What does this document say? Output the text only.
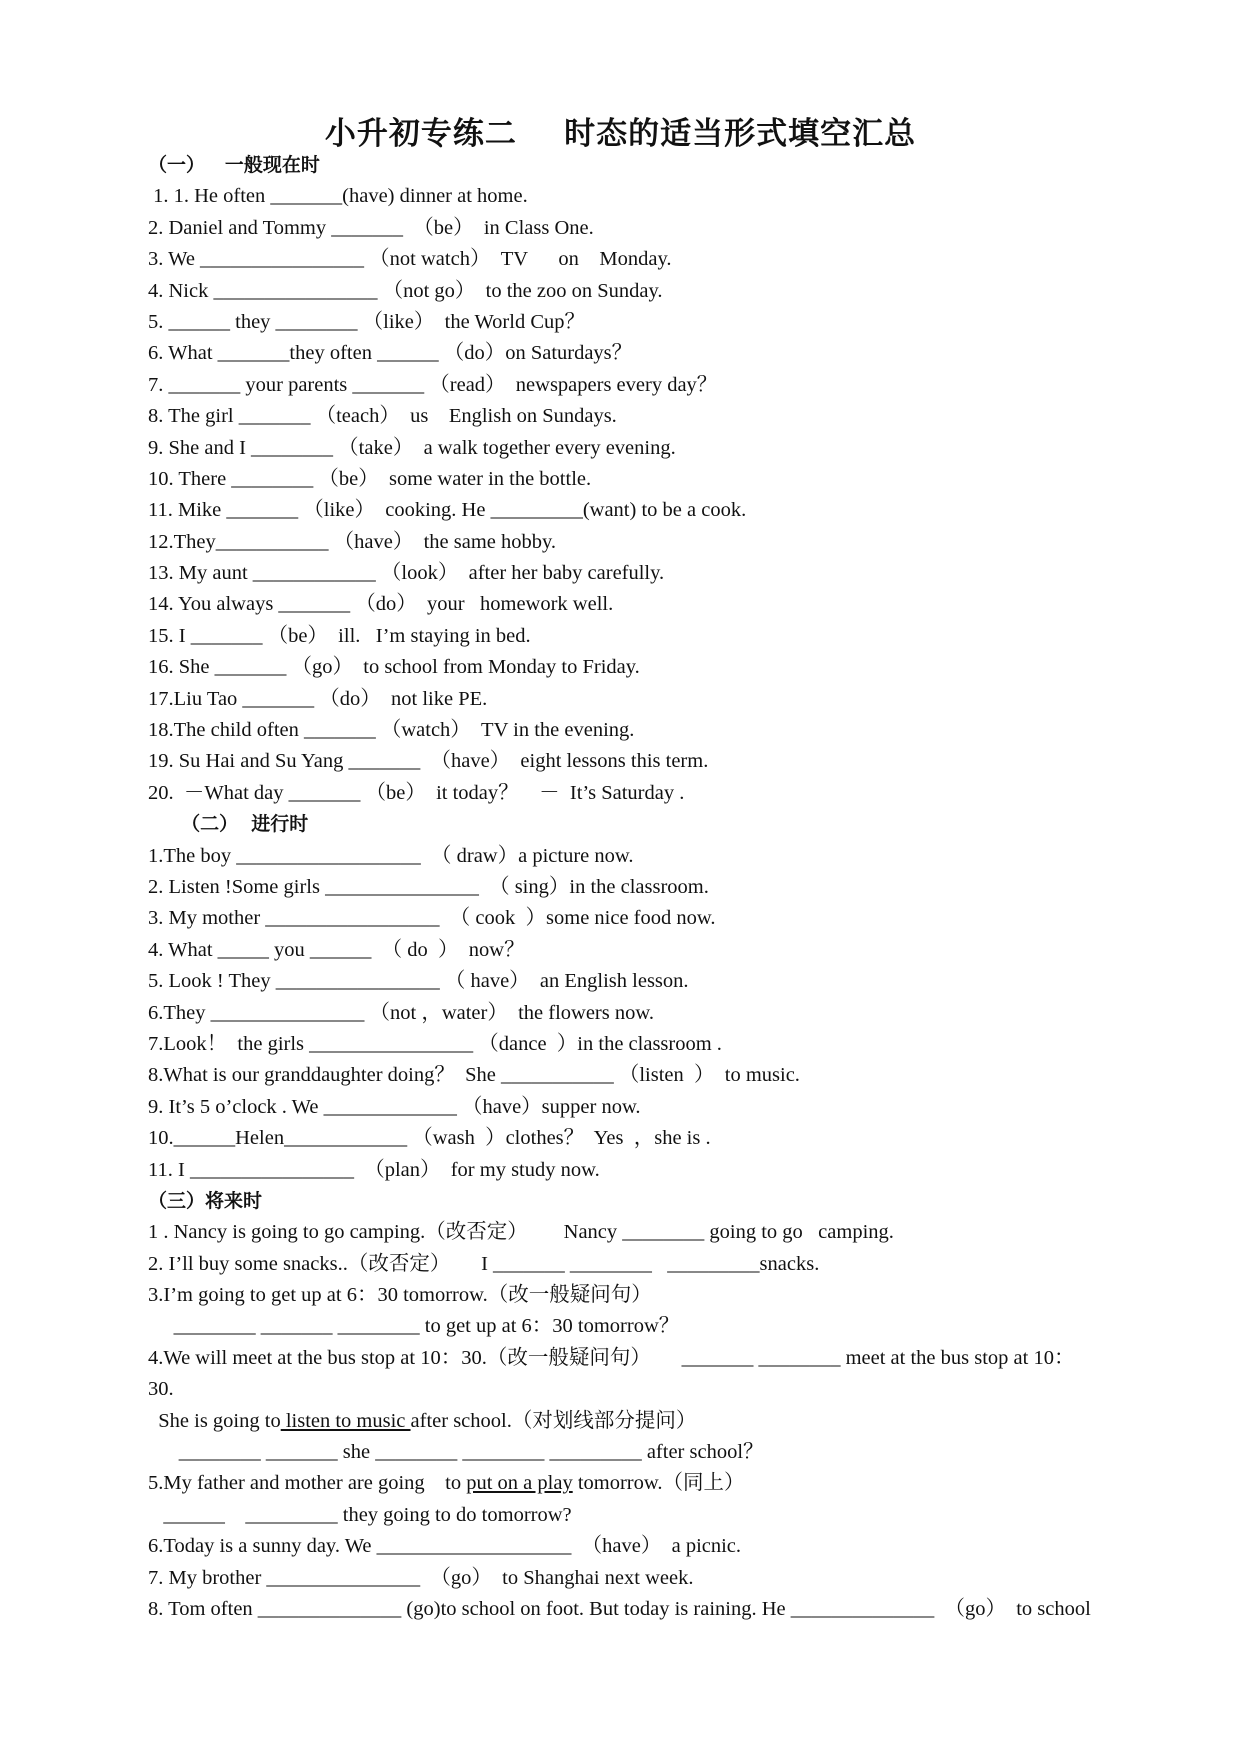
小升初专练二    时态的适当形式填空汇总
（一）   一般现在时
1. 1. He often _______(have) dinner at home.
2. Daniel and Tommy _______  （be）  in Class One.
3. We ________________ （not watch）  TV      on    Monday.
4. Nick ________________ （not go）  to the zoo on Sunday.
5. ______ they ________ （like）  the World Cup？
6. What _______they often ______ （do）on Saturdays？
7. _______ your parents _______ （read）  newspapers every day？
8. The girl _______ （teach）  us    English on Sundays.
9. She and I ________ （take）  a walk together every evening.
10. There ________ （be）  some water in the bottle.
11. Mike _______ （like）  cooking. He _________(want) to be a cook.
12.They___________ （have）  the same hobby.
13. My aunt ____________ （look）  after her baby carefully.
14. You always _______ （do）  your   homework well.
15. I _______ （be）  ill.   I’m staying in bed.
16. She _______ （go）  to school from Monday to Friday.
17.Liu Tao _______ （do）  not like PE.
18.The child often _______ （watch）  TV in the evening.
19. Su Hai and Su Yang _______  （have）  eight lessons this term.
20.  －What day _______ （be）  it today？    －  It’s Saturday .
（二）  进行时
1.The boy __________________  （ draw）a picture now.
2. Listen !Some girls _______________  （ sing）in the classroom.
3. My mother _________________  （ cook  ）some nice food now.
4. What _____ you ______  （ do  ）  now？
5. Look ! They ________________ （ have）  an English lesson.
6.They _______________ （not ，water）  the flowers now.
7.Look！  the girls ________________ （dance  ）in the classroom .
8.What is our granddaughter doing？  She ___________ （listen  ）  to music.
9. It’s 5 o’clock . We _____________ （have）supper now.
10.______Helen____________ （wash  ）clothes？  Yes  ，she is .
11. I ________________  （plan）  for my study now.
（三）将来时
1 . Nancy is going to go camping.（改否定）       Nancy ________ going to go   camping.
2. I’ll buy some snacks..（改否定）      I _______ ________   _________snacks.
3.I’m going to get up at 6：30 tomorrow.（改一般疑问句）
________ _______ ________ to get up at 6：30 tomorrow？
4.We will meet at the bus stop at 10：30.（改一般疑问句）      _______ ________ meet at the bus stop at 10：
30.
She is going to listen to music after school.（对划线部分提问）
________ _______ she ________ ________ _________ after school？
5.My father and mother are going    to put on a play tomorrow.（同上）
______    _________ they going to do tomorrow?
6.Today is a sunny day. We ___________________  （have）  a picnic.
7. My brother _______________  （go）  to Shanghai next week.
8. Tom often ______________ (go)to school on foot. But today is raining. He ______________  （go）  to school
